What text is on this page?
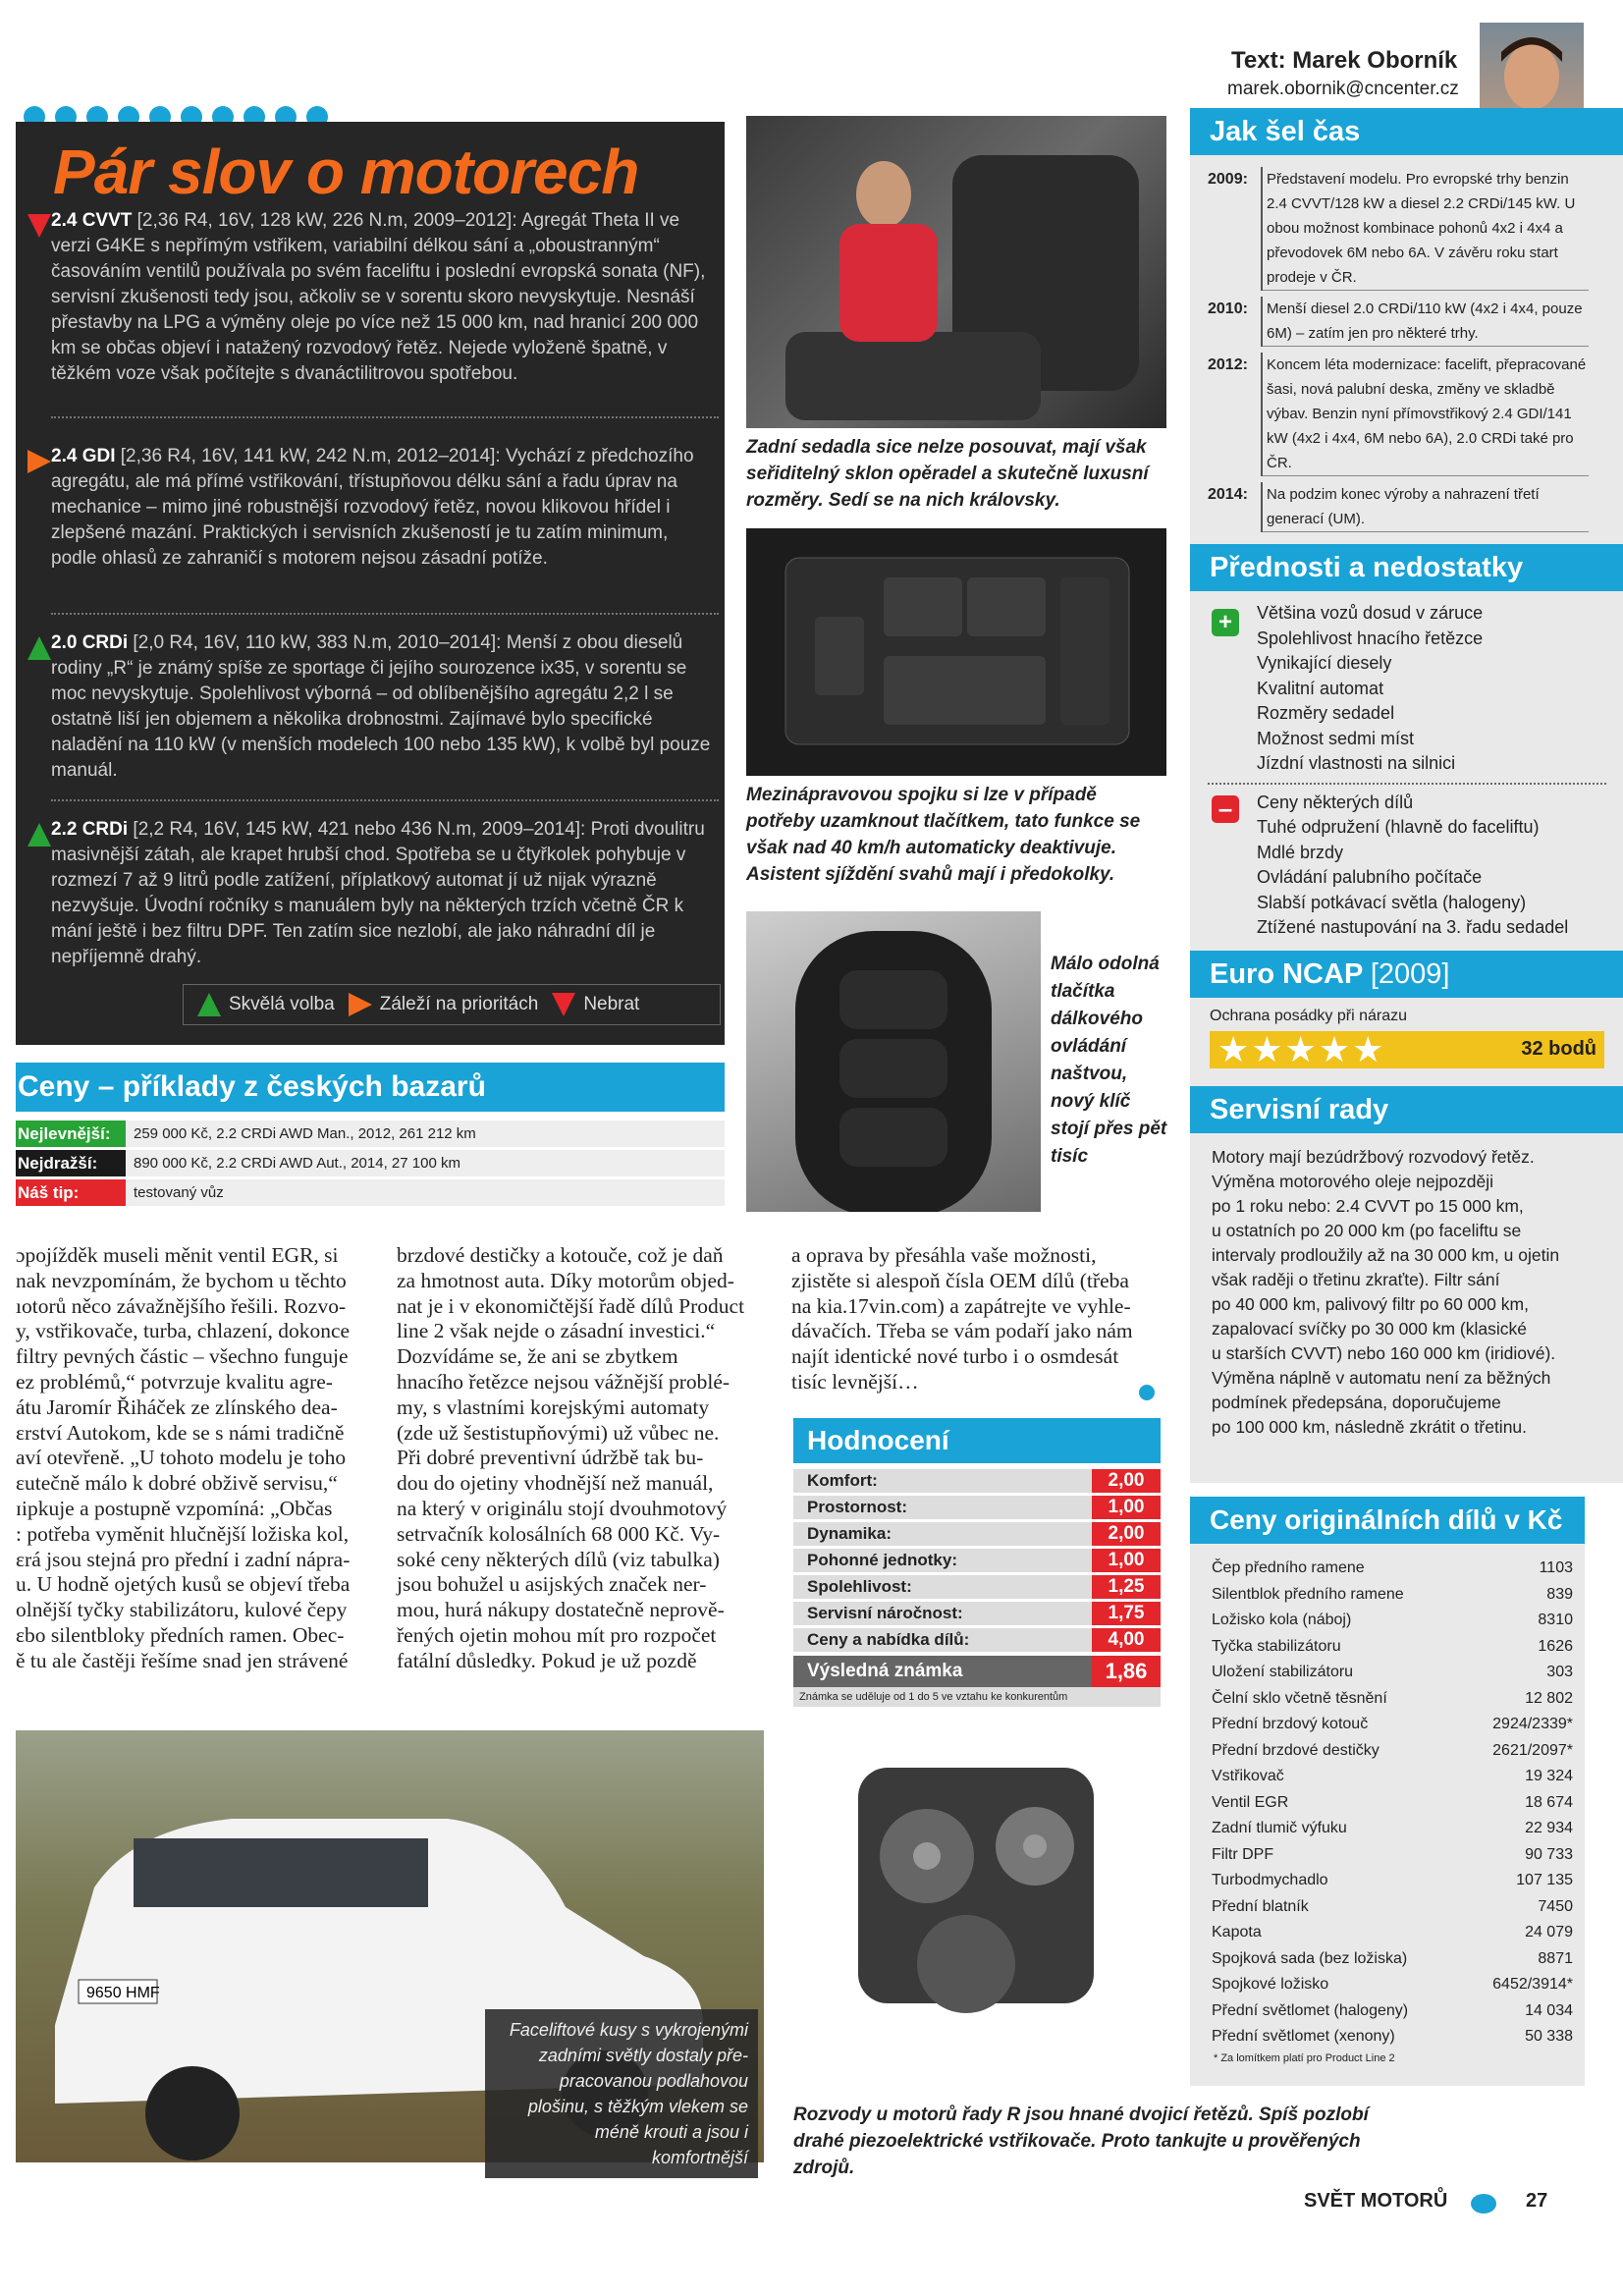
Text: Marek Oborník
marek.obornik@cncenter.cz
Pár slov o motorech
2.4 CVVT [2,36 R4, 16V, 128 kW, 226 N.m, 2009–2012]: Agregát Theta II ve verzi G4KE s nepřímým vstřikem, variabilní délkou sání a „oboustranným“ časováním ventilů používala po svém faceliftu i poslední evropská sonata (NF), servisní zkušenosti tedy jsou, ačkoliv se v sorentu skoro nevyskytuje. Nesnáší přestavby na LPG a výměny oleje po více než 15 000 km, nad hranicí 200 000 km se občas objeví i natažený rozvodový řetěz. Nejede vyloženě špatně, v těžkém voze však počítejte s dvanáctilitrovou spotřebou.
2.4 GDI [2,36 R4, 16V, 141 kW, 242 N.m, 2012–2014]: Vychází z předchozího agregátu, ale má přímé vstřikování, třístupňovou délku sání a řadu úprav na mechanice – mimo jiné robustnější rozvodový řetěz, novou klikovou hřídel i zlepšené mazání. Praktických i servisních zkušeností je tu zatím minimum, podle ohlasů ze zahraničí s motorem nejsou zásadní potíže.
2.0 CRDi [2,0 R4, 16V, 110 kW, 383 N.m, 2010–2014]: Menší z obou dieselů rodiny „R“ je známý spíše ze sportage či jejího sourozence ix35, v sorentu se moc nevyskytuje. Spolehlivost výborná – od oblíbenějšího agregátu 2,2 l se ostatně liší jen objemem a několika drobnostmi. Zajímavé bylo specifické naladění na 110 kW (v menších modelech 100 nebo 135 kW), k volbě byl pouze manuál.
2.2 CRDi [2,2 R4, 16V, 145 kW, 421 nebo 436 N.m, 2009–2014]: Proti dvoulitru masivnější zátah, ale krapet hrubší chod. Spotřeba se u čtyřkolek pohybuje v rozmezí 7 až 9 litrů podle zatížení, příplatkový automat jí už nijak výrazně nezvyšuje. Úvodní ročníky s manuálem byly na některých trzích včetně ČR k mání ještě i bez filtru DPF. Ten zatím sice nezlobí, ale jako náhradní díl je nepříjemně drahý.
Skvělá volba Záleží na prioritách Nebrat
Ceny – příklady z českých bazarů
Nejlevnější:	259 000 Kč, 2.2 CRDi AWD Man., 2012, 261 212 km
Nejdražší:	890 000 Kč, 2.2 CRDi AWD Aut., 2014, 27 100 km
Náš tip:	testovaný vůz
ɔpojížděk museli měnit ventil EGR, si
nak nevzpomínám, že bychom u těchto
ıotorů něco závažnějšího řešili. Rozvo-
y, vstřikovače, turba, chlazení, dokonce
filtry pevných částic – všechno funguje
ez problémů,“ potvrzuje kvalitu agre-
átu Jaromír Řiháček ze zlínského dea-
ɛrství Autokom, kde se s námi tradičně
aví otevřeně. „U tohoto modelu je toho
ɛutečně málo k dobré obživě servisu,“
ɪipkuje a postupně vzpomíná: „Občas
: potřeba vyměnit hlučnější ložiska kol,
ɛrá jsou stejná pro přední i zadní nápra-
u. U hodně ojetých kusů se objeví třeba
olnější tyčky stabilizátoru, kulové čepy
ɛbo silentbloky předních ramen. Obec-
ě tu ale častěji řešíme snad jen strávené
brzdové destičky a kotouče, což je daň
za hmotnost auta. Díky motorům objed-
nat je i v ekonomičtější řadě dílů Product
line 2 však nejde o zásadní investici.“
Dozvídáme se, že ani se zbytkem
hnacího řetězce nejsou vážnější problé-
my, s vlastními korejskými automaty
(zde už šestistupňovými) už vůbec ne.
Při dobré preventivní údržbě tak bu-
dou do ojetiny vhodnější než manuál,
na který v originálu stojí dvouhmotový
setrvačník kolosálních 68 000 Kč. Vy-
soké ceny některých dílů (viz tabulka)
jsou bohužel u asijských značek ner-
mou, hurá nákupy dostatečně neprově-
řených ojetin mohou mít pro rozpočet
fatální důsledky. Pokud je už pozdě
a oprava by přesáhla vaše možnosti,
zjistěte si alespoň čísla OEM dílů (třeba
na kia.17vin.com) a zapátrejte ve vyhle-
dávačích. Třeba se vám podaří jako nám
najít identické nové turbo i o osmdesát
tisíc levnější…
Zadní sedadla sice nelze posouvat, mají však seřiditelný sklon opěradel a skutečně luxusní rozměry. Sedí se na nich královsky.
Mezinápravovou spojku si lze v případě potřeby uzamknout tlačítkem, tato funkce se však nad 40 km/h automaticky deaktivuje. Asistent sjíždění svahů mají i předokolky.
Málo odolná tlačítka dálkového ovládání naštvou, nový klíč stojí přes pět tisíc
Hodnocení
Komfort:	2,00
Prostornost:	1,00
Dynamika:	2,00
Pohonné jednotky:	1,00
Spolehlivost:	1,25
Servisní náročnost:	1,75
Ceny a nabídka dílů:	4,00
Výsledná známka	1,86
Známka se uděluje od 1 do 5 ve vztahu ke konkurentům
Rozvody u motorů řady R jsou hnané dvojicí řetězů. Spíš pozlobí drahé piezoelektrické vstřikovače. Proto tankujte u prověřených zdrojů.
9650 HMF
Faceliftové kusy s vykrojenými zadními světly dostaly pře-pracovanou podlahovou plošinu, s těžkým vlekem se méně krouti a jsou i komfortnější
Jak šel čas
2009:	Představení modelu. Pro evropské trhy benzin 2.4 CVVT/128 kW a diesel 2.2 CRDi/145 kW. U obou možnost kombinace pohonů 4x2 i 4x4 a převodovek 6M nebo 6A. V závěru roku start prodeje v ČR.
2010:	Menší diesel 2.0 CRDi/110 kW (4x2 i 4x4, pouze 6M) – zatím jen pro některé trhy.
2012:	Koncem léta modernizace: facelift, přepracované šasi, nová palubní deska, změny ve skladbě výbav. Benzin nyní přímovstřikový 2.4 GDI/141 kW (4x2 i 4x4, 6M nebo 6A), 2.0 CRDi také pro ČR.
2014:	Na podzim konec výroby a nahrazení třetí generací (UM).
Přednosti a nedostatky
+	Většina vozů dosud v záruce
Spolehlivost hnacího řetězce
Vynikající diesely
Kvalitní automat
Rozměry sedadel
Možnost sedmi míst
Jízdní vlastnosti na silnici
–	Ceny některých dílů
Tuhé odpružení (hlavně do faceliftu)
Mdlé brzdy
Ovládání palubního počítače
Slabší potkávací světla (halogeny)
Ztížené nastupování na 3. řadu sedadel
Euro NCAP [2009]
Ochrana posádky při nárazu
★★★★★	32 bodů
Servisní rady
Motory mají bezúdržbový rozvodový řetěz.
Výměna motorového oleje nejpozději
po 1 roku nebo: 2.4 CVVT po 15 000 km,
u ostatních po 20 000 km (po faceliftu se
intervaly prodloužily až na 30 000 km, u ojetin
však raději o třetinu zkraťte). Filtr sání
po 40 000 km, palivový filtr po 60 000 km,
zapalovací svíčky po 30 000 km (klasické
u starších CVVT) nebo 160 000 km (iridiové).
Výměna náplně v automatu není za běžných
podmínek předepsána, doporučujeme
po 100 000 km, následně zkrátit o třetinu.
Ceny originálních dílů v Kč
Čep předního ramene	1103
Silentblok předního ramene	839
Ložisko kola (náboj)	8310
Tyčka stabilizátoru	1626
Uložení stabilizátoru	303
Čelní sklo včetně těsnění	12 802
Přední brzdový kotouč	2924/2339*
Přední brzdové destičky	2621/2097*
Vstřikovač	19 324
Ventil EGR	18 674
Zadní tlumič výfuku	22 934
Filtr DPF	90 733
Turbodmychadlo	107 135
Přední blatník	7450
Kapota	24 079
Spojková sada (bez ložiska)	8871
Spojkové ložisko	6452/3914*
Přední světlomet (halogeny)	14 034
Přední světlomet (xenony)	50 338
* Za lomítkem platí pro Product Line 2
SVĚT MOTORŮ	27
